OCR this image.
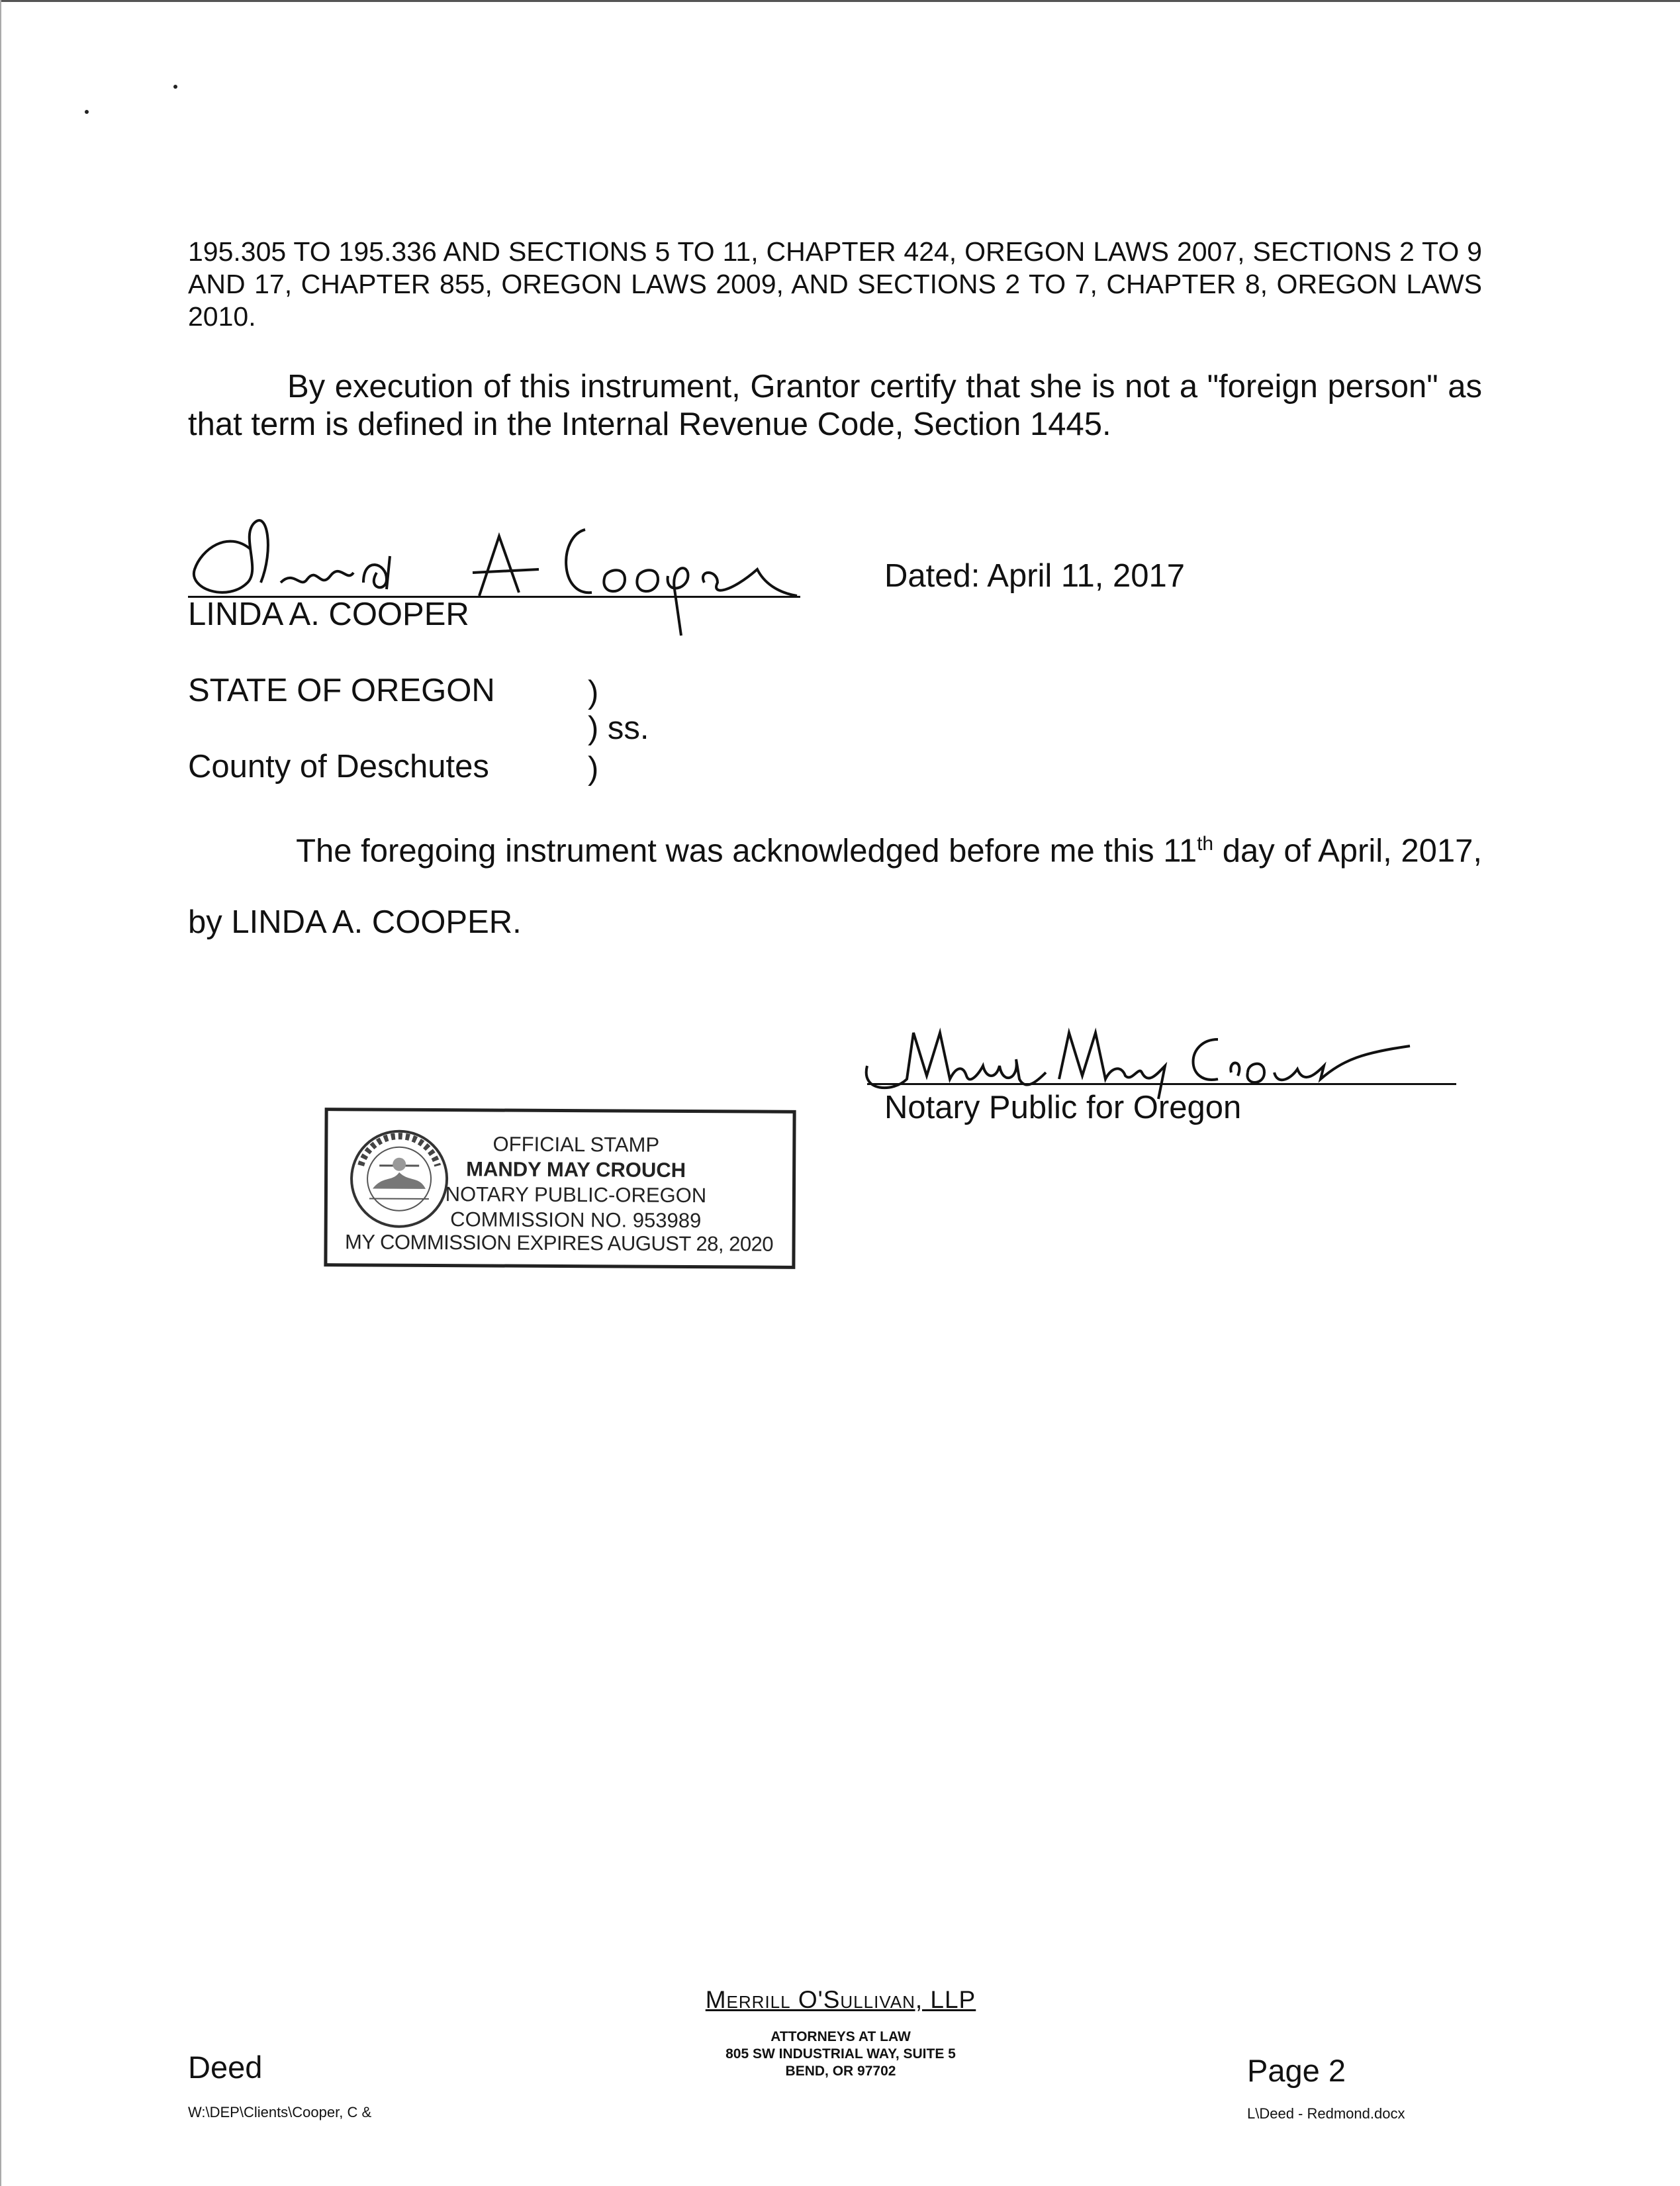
195.305 TO 195.336 AND SECTIONS 5 TO 11, CHAPTER 424, OREGON LAWS 2007, SECTIONS 2 TO 9 AND 17, CHAPTER 855, OREGON LAWS 2009, AND SECTIONS 2 TO 7, CHAPTER 8, OREGON LAWS 2010.
By execution of this instrument, Grantor certify that she is not a "foreign person" as that term is defined in the Internal Revenue Code, Section 1445.
LINDA A. COOPER
Dated: April 11, 2017
STATE OF OREGON	)
) ss.
County of Deschutes	)
The foregoing instrument was acknowledged before me this 11th day of April, 2017,
by LINDA A. COOPER.
Notary Public for Oregon
OFFICIAL STAMP
MANDY MAY CROUCH
NOTARY PUBLIC-OREGON
COMMISSION NO. 953989
MY COMMISSION EXPIRES AUGUST 28, 2020
Merrill O'Sullivan, LLP
ATTORNEYS AT LAW
805 SW INDUSTRIAL WAY, SUITE 5
BEND, OR 97702
Deed
W:\DEP\Clients\Cooper, C &
Page 2
L\Deed - Redmond.docx
